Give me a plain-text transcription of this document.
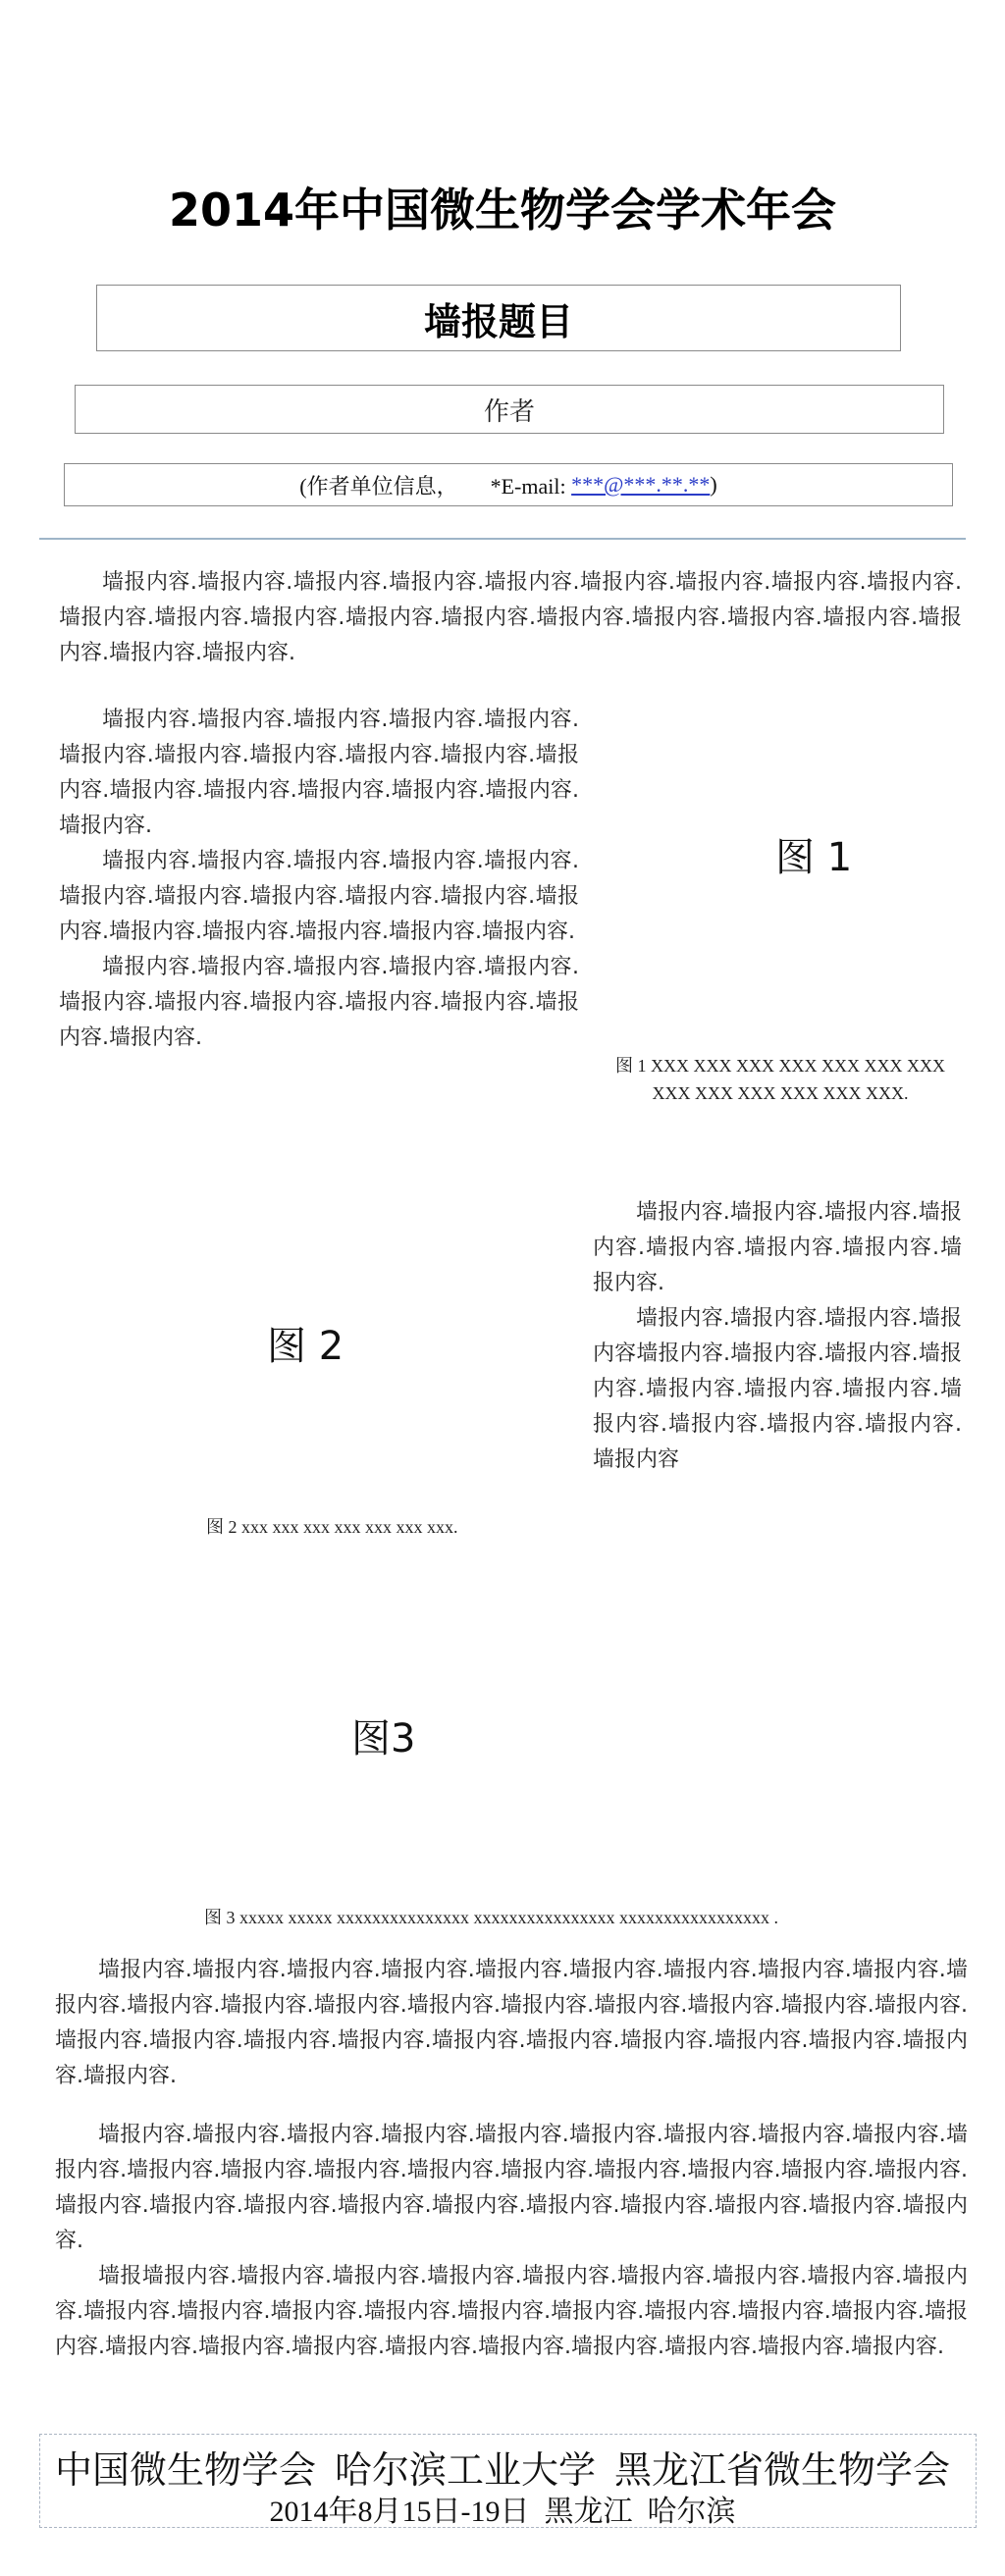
2014年中国微生物学会学术年会
墙报题目
作者
(作者单位信息，      *E-mail: ***@***.**.** )

墙报内容.墙报内容.墙报内容.墙报内容.墙报内容.墙报内容.墙报内容.墙报内容.墙报内容.墙报内容.墙报内容.墙报内容.墙报内容.墙报内容.墙报内容.墙报内容.墙报内容.墙报内容.墙报内容.墙报内容.墙报内容.

墙报内容.墙报内容.墙报内容.墙报内容.墙报内容.墙报内容.墙报内容.墙报内容.墙报内容.墙报内容.墙报内容.墙报内容.墙报内容.墙报内容.墙报内容.墙报内容.墙报内容.

墙报内容.墙报内容.墙报内容.墙报内容.墙报内容.墙报内容.墙报内容.墙报内容.墙报内容.墙报内容.墙报内容.墙报内容.墙报内容.墙报内容.墙报内容.墙报内容.

墙报内容.墙报内容.墙报内容.墙报内容.墙报内容.墙报内容.墙报内容.墙报内容.墙报内容.墙报内容.墙报内容.墙报内容.

图 1
图 1 XXX XXX XXX XXX XXX XXX XXX XXX XXX XXX XXX XXX XXX.

墙报内容.墙报内容.墙报内容.墙报内容.墙报内容.墙报内容.墙报内容.墙报内容.

墙报内容.墙报内容.墙报内容.墙报内容墙报内容.墙报内容.墙报内容.墙报内容.墙报内容.墙报内容.墙报内容.墙报内容.墙报内容.墙报内容.墙报内容.墙报内容

图 2
图 2 xxx xxx xxx xxx xxx xxx xxx.
图3
图 3 xxxxx xxxxx xxxxxxxxxxxxxxx xxxxxxxxxxxxxxxx xxxxxxxxxxxxxxxxx .

墙报内容.墙报内容.墙报内容.墙报内容.墙报内容.墙报内容.墙报内容.墙报内容.墙报内容.墙报内容.墙报内容.墙报内容.墙报内容.墙报内容.墙报内容.墙报内容.墙报内容.墙报内容.墙报内容.墙报内容.墙报内容.墙报内容.墙报内容.墙报内容.墙报内容.墙报内容.墙报内容.墙报内容.墙报内容.墙报内容.

墙报内容.墙报内容.墙报内容.墙报内容.墙报内容.墙报内容.墙报内容.墙报内容.墙报内容.墙报内容.墙报内容.墙报内容.墙报内容.墙报内容.墙报内容.墙报内容.墙报内容.墙报内容.墙报内容.墙报内容.墙报内容.墙报内容.墙报内容.墙报内容.墙报内容.墙报内容.墙报内容.墙报内容.墙报内容.

墙报墙报内容.墙报内容.墙报内容.墙报内容.墙报内容.墙报内容.墙报内容.墙报内容.墙报内容.墙报内容.墙报内容.墙报内容.墙报内容.墙报内容.墙报内容.墙报内容.墙报内容.墙报内容.墙报内容.墙报内容.墙报内容.墙报内容.墙报内容.墙报内容.墙报内容.墙报内容.墙报内容.墙报内容.

中国微生物学会  哈尔滨工业大学  黑龙江省微生物学会
2014年8月15日-19日  黑龙江  哈尔滨
